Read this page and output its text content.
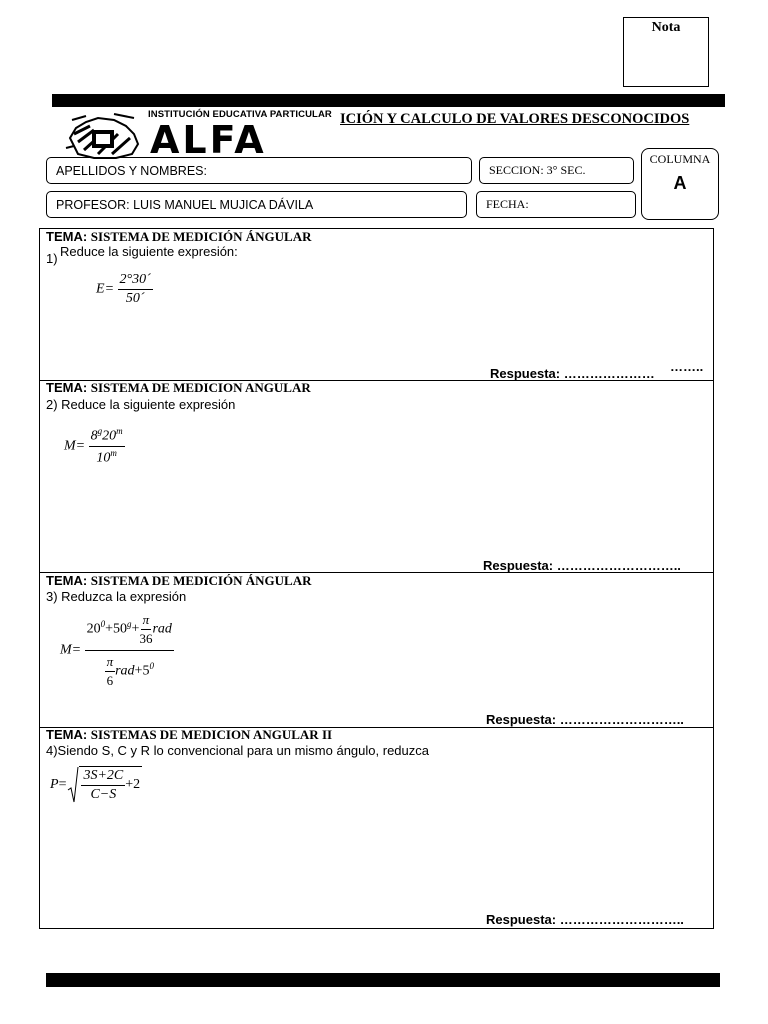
Nota
INSTITUCIÓN EDUCATIVA PARTICULAR
ALFA	ICIÓN Y CALCULO DE VALORES DESCONOCIDOS
APELLIDOS Y NOMBRES:	SECCION: 3° SEC.
PROFESOR: LUIS MANUEL MUJICA DÁVILA	FECHA:
COLUMNA
A
TEMA: SISTEMA DE MEDICIÓN ÁNGULAR
1) Reduce la siguiente expresión:
$E= \frac{2^\circ 30´}{50´}$
Respuesta: ………………… ……..
TEMA: SISTEMA DE MEDICION ANGULAR
2) Reduce la siguiente expresión
$M= \frac{8^g20^m}{10^m}$
Respuesta: ………………………..
TEMA: SISTEMA DE MEDICIÓN ÁNGULAR
3) Reduzca la expresión
$M= \frac{20^0+50^g+ \frac{\pi}{36} rad}{\frac{\pi}{6} rad+5^0}$
Respuesta: ………………………..
TEMA: SISTEMAS DE MEDICION ANGULAR II
4)Siendo S, C y R lo convencional para un mismo ángulo, reduzca
$P = \frac{3S+2C}{C-S} +2$
Respuesta: ………………………..
